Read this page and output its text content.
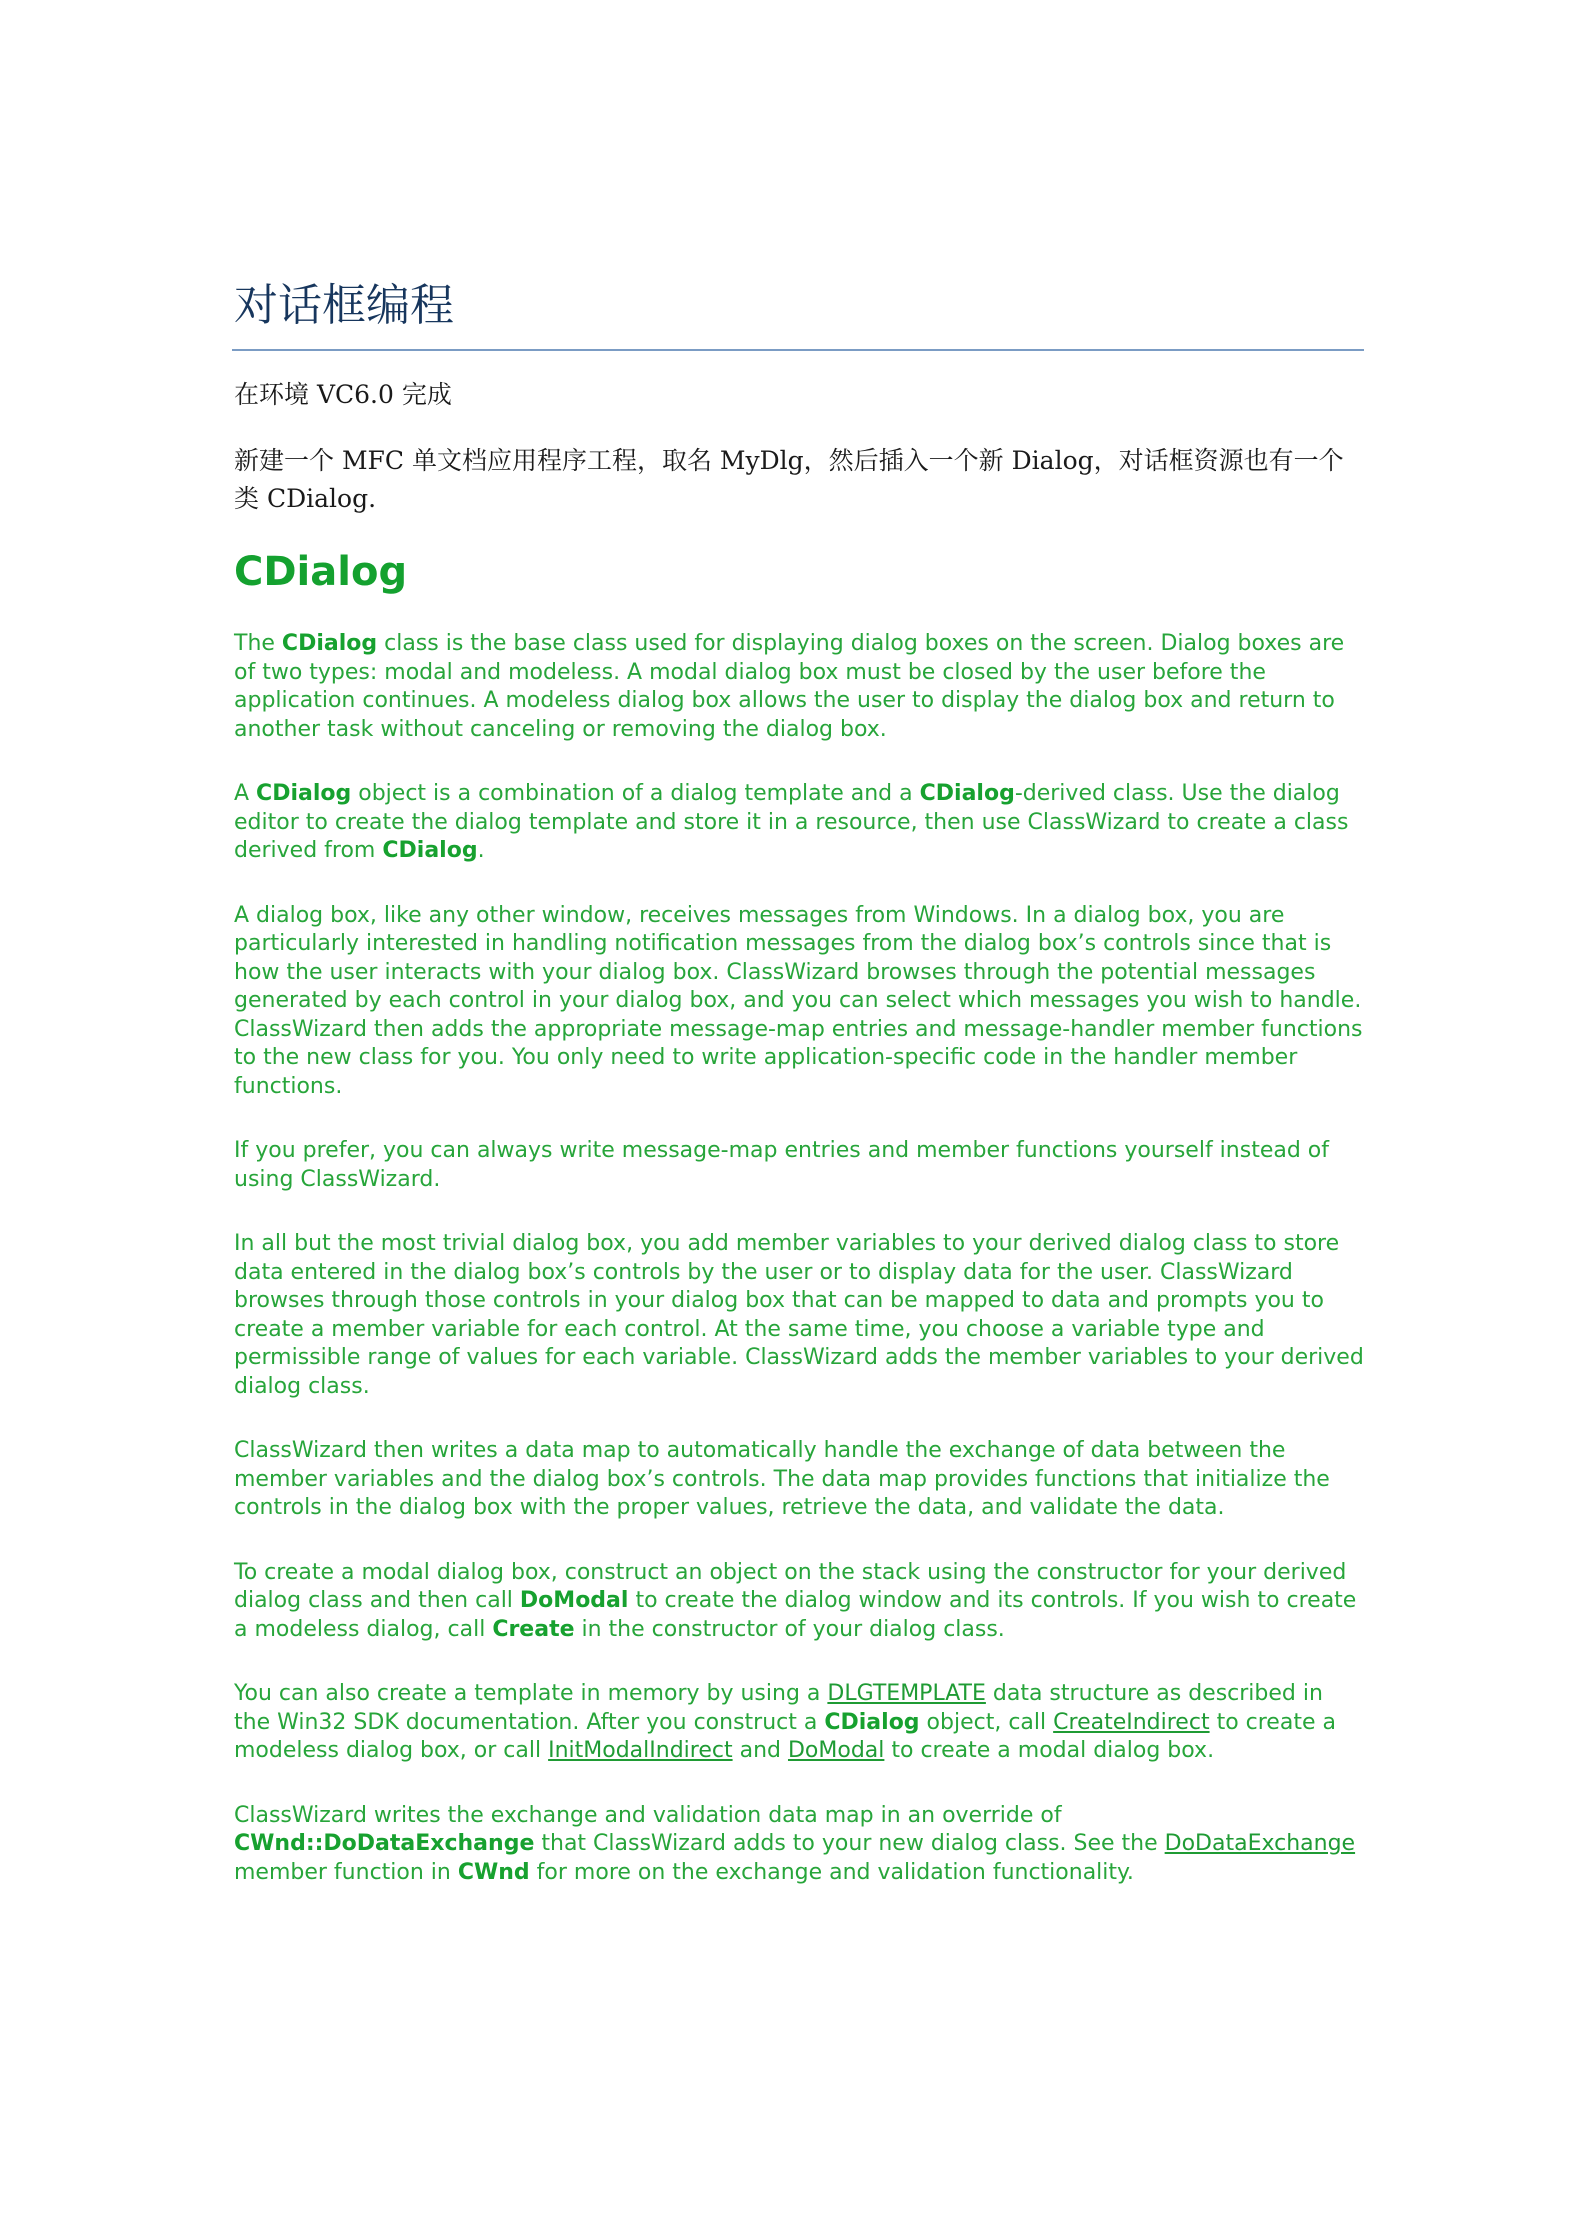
对话框编程

在环境 VC6.0 完成

新建一个 MFC 单文档应用程序工程，取名 MyDlg，然后插入一个新 Dialog，对话框资源也有一个类 CDialog.

CDialog

The CDialog class is the base class used for displaying dialog boxes on the screen. Dialog boxes are of two types: modal and modeless. A modal dialog box must be closed by the user before the application continues. A modeless dialog box allows the user to display the dialog box and return to another task without canceling or removing the dialog box.

A CDialog object is a combination of a dialog template and a CDialog-derived class. Use the dialog editor to create the dialog template and store it in a resource, then use ClassWizard to create a class derived from CDialog.

A dialog box, like any other window, receives messages from Windows. In a dialog box, you are particularly interested in handling notification messages from the dialog box’s controls since that is how the user interacts with your dialog box. ClassWizard browses through the potential messages generated by each control in your dialog box, and you can select which messages you wish to handle. ClassWizard then adds the appropriate message-map entries and message-handler member functions to the new class for you. You only need to write application-specific code in the handler member functions.

If you prefer, you can always write message-map entries and member functions yourself instead of using ClassWizard.

In all but the most trivial dialog box, you add member variables to your derived dialog class to store data entered in the dialog box’s controls by the user or to display data for the user. ClassWizard browses through those controls in your dialog box that can be mapped to data and prompts you to create a member variable for each control. At the same time, you choose a variable type and permissible range of values for each variable. ClassWizard adds the member variables to your derived dialog class.

ClassWizard then writes a data map to automatically handle the exchange of data between the member variables and the dialog box’s controls. The data map provides functions that initialize the controls in the dialog box with the proper values, retrieve the data, and validate the data.

To create a modal dialog box, construct an object on the stack using the constructor for your derived dialog class and then call DoModal to create the dialog window and its controls. If you wish to create a modeless dialog, call Create in the constructor of your dialog class.

You can also create a template in memory by using a DLGTEMPLATE data structure as described in the Win32 SDK documentation. After you construct a CDialog object, call CreateIndirect to create a modeless dialog box, or call InitModalIndirect and DoModal to create a modal dialog box.

ClassWizard writes the exchange and validation data map in an override of CWnd::DoDataExchange that ClassWizard adds to your new dialog class. See the DoDataExchange member function in CWnd for more on the exchange and validation functionality.
